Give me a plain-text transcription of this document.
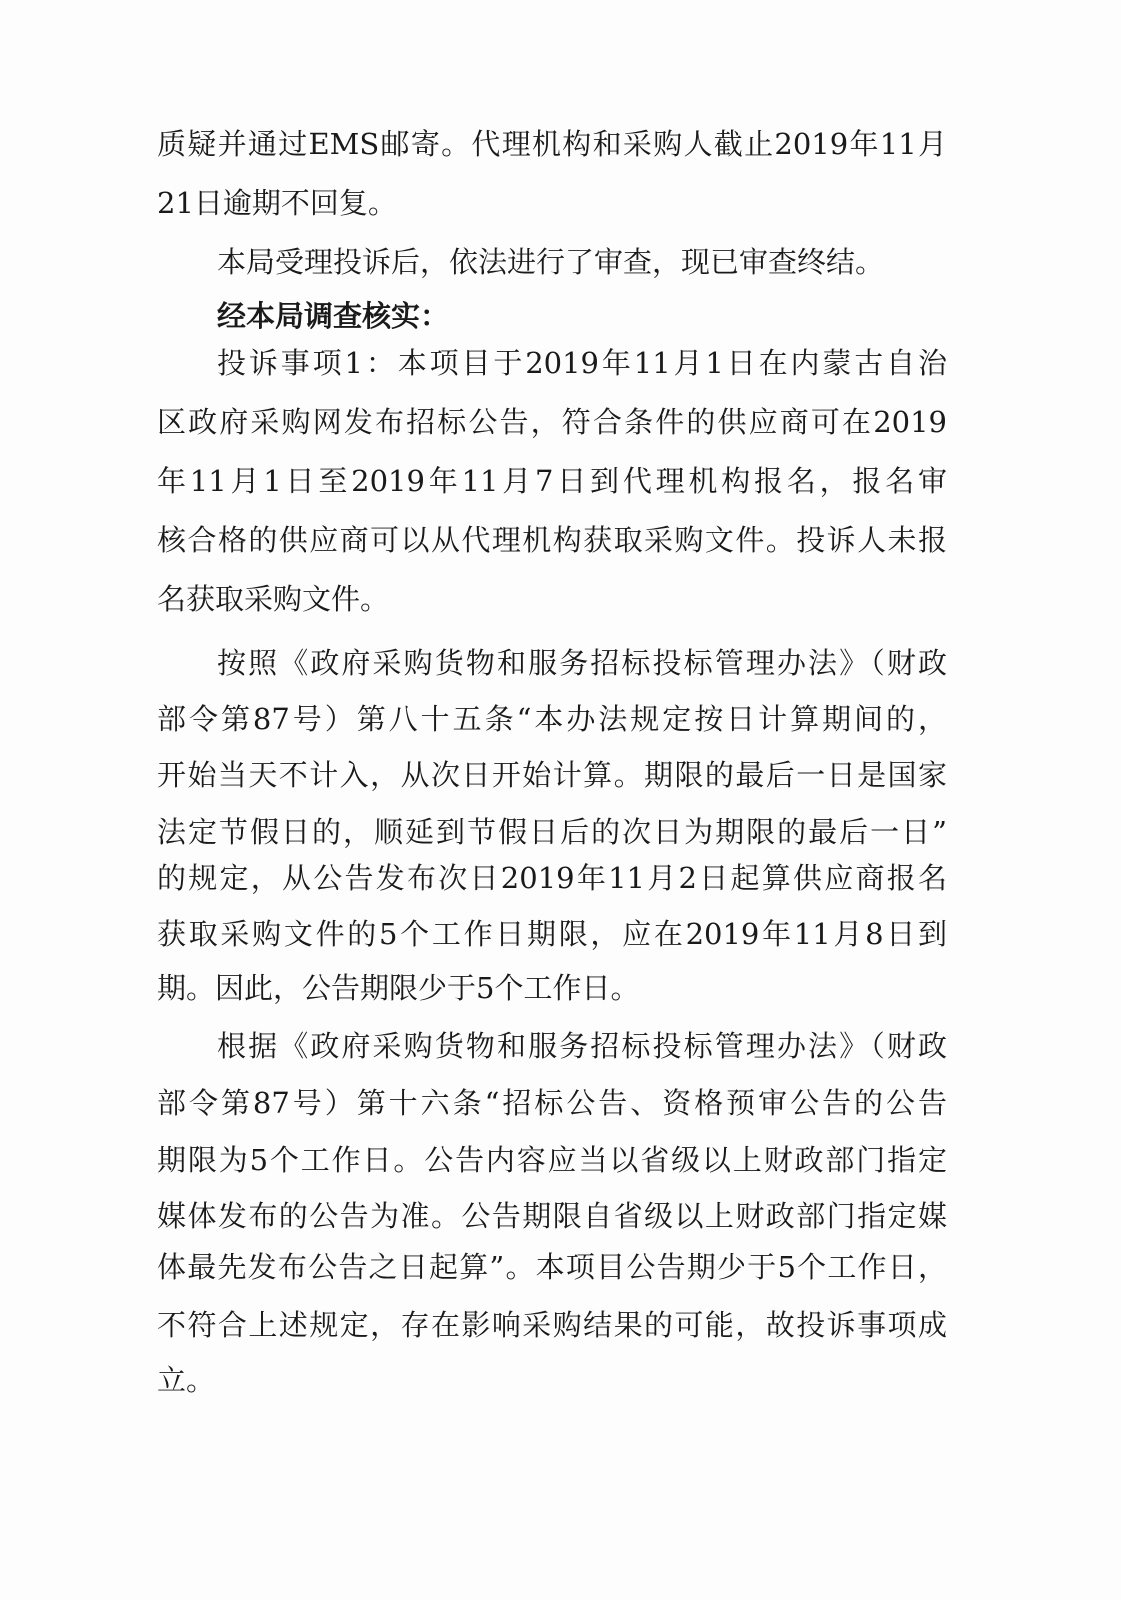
质疑并通过EMS邮寄。代理机构和采购人截止2019年11月
21日逾期不回复。
本局受理投诉后，依法进行了审查，现已审查终结。
经本局调查核实：
投诉事项1：本项目于2019年11月1日在内蒙古自治
区政府采购网发布招标公告，符合条件的供应商可在2019
年11月1日至2019年11月7日到代理机构报名，报名审
核合格的供应商可以从代理机构获取采购文件。投诉人未报
名获取采购文件。
按照《政府采购货物和服务招标投标管理办法》（财政
部令第87号）第八十五条“本办法规定按日计算期间的，
开始当天不计入，从次日开始计算。期限的最后一日是国家
法定节假日的，顺延到节假日后的次日为期限的最后一日”
的规定，从公告发布次日2019年11月2日起算供应商报名
获取采购文件的5个工作日期限，应在2019年11月8日到
期。因此，公告期限少于5个工作日。
根据《政府采购货物和服务招标投标管理办法》（财政
部令第87号）第十六条“招标公告、资格预审公告的公告
期限为5个工作日。公告内容应当以省级以上财政部门指定
媒体发布的公告为准。公告期限自省级以上财政部门指定媒
体最先发布公告之日起算”。本项目公告期少于5个工作日，
不符合上述规定，存在影响采购结果的可能，故投诉事项成
立。
